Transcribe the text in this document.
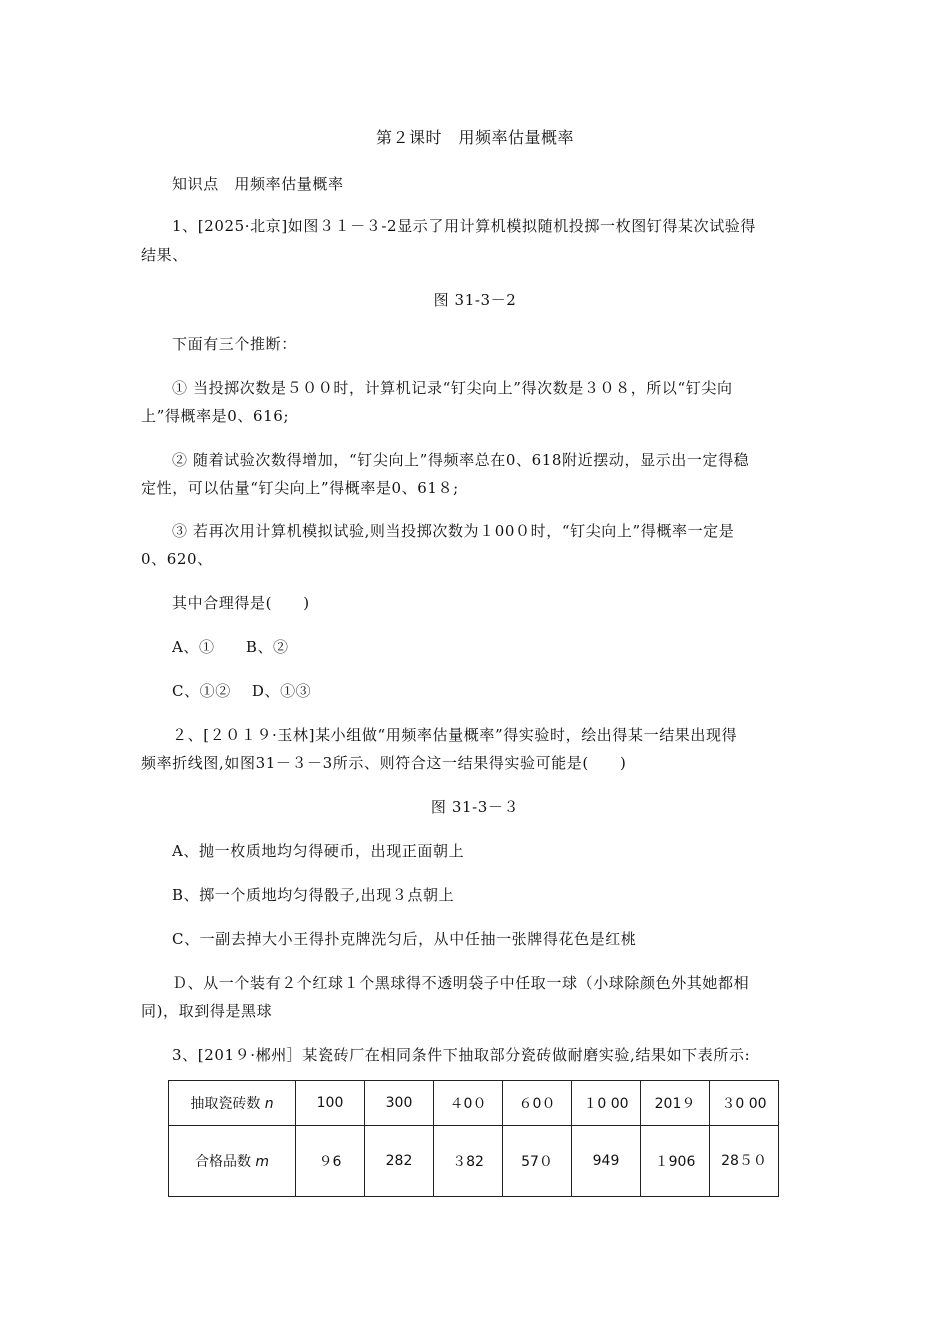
第２课时　用频率估量概率
知识点　用频率估量概率
1、[2025·北京]如图３１－３-2显示了用计算机模拟随机投掷一枚图钉得某次试验得
结果、
图 31-3－2
下面有三个推断：
① 当投掷次数是５００时，计算机记录“钉尖向上”得次数是３０８，所以“钉尖向
上”得概率是0、616;
② 随着试验次数得增加，“钉尖向上”得频率总在0、618附近摆动，显示出一定得稳
定性，可以估量“钉尖向上”得概率是0、61８;
③ 若再次用计算机模拟试验,则当投掷次数为１00０时，“钉尖向上”得概率一定是
0、620、
其中合理得是(　　)
A、①　　B、②
C、①②　 D、①③
２、[２０１９·玉林]某小组做“用频率估量概率”得实验时，绘出得某一结果出现得
频率折线图,如图31－３－3所示、则符合这一结果得实验可能是(　　)
图 31-3－３
A、抛一枚质地均匀得硬币，出现正面朝上
B、掷一个质地均匀得骰子,出现３点朝上
C、一副去掉大小王得扑克牌洗匀后，从中任抽一张牌得花色是红桃
Ｄ、从一个装有２个红球１个黑球得不透明袋子中任取一球（小球除颜色外其她都相
同)，取到得是黑球
3、[201９·郴州］某瓷砖厂在相同条件下抽取部分瓷砖做耐磨实验,结果如下表所示:
抽取瓷砖数 n	100	300	４0０	６0０	１0 00	201９	３0 00
合格品数 m	９6	282	３82	57０	949	１906	28５０
